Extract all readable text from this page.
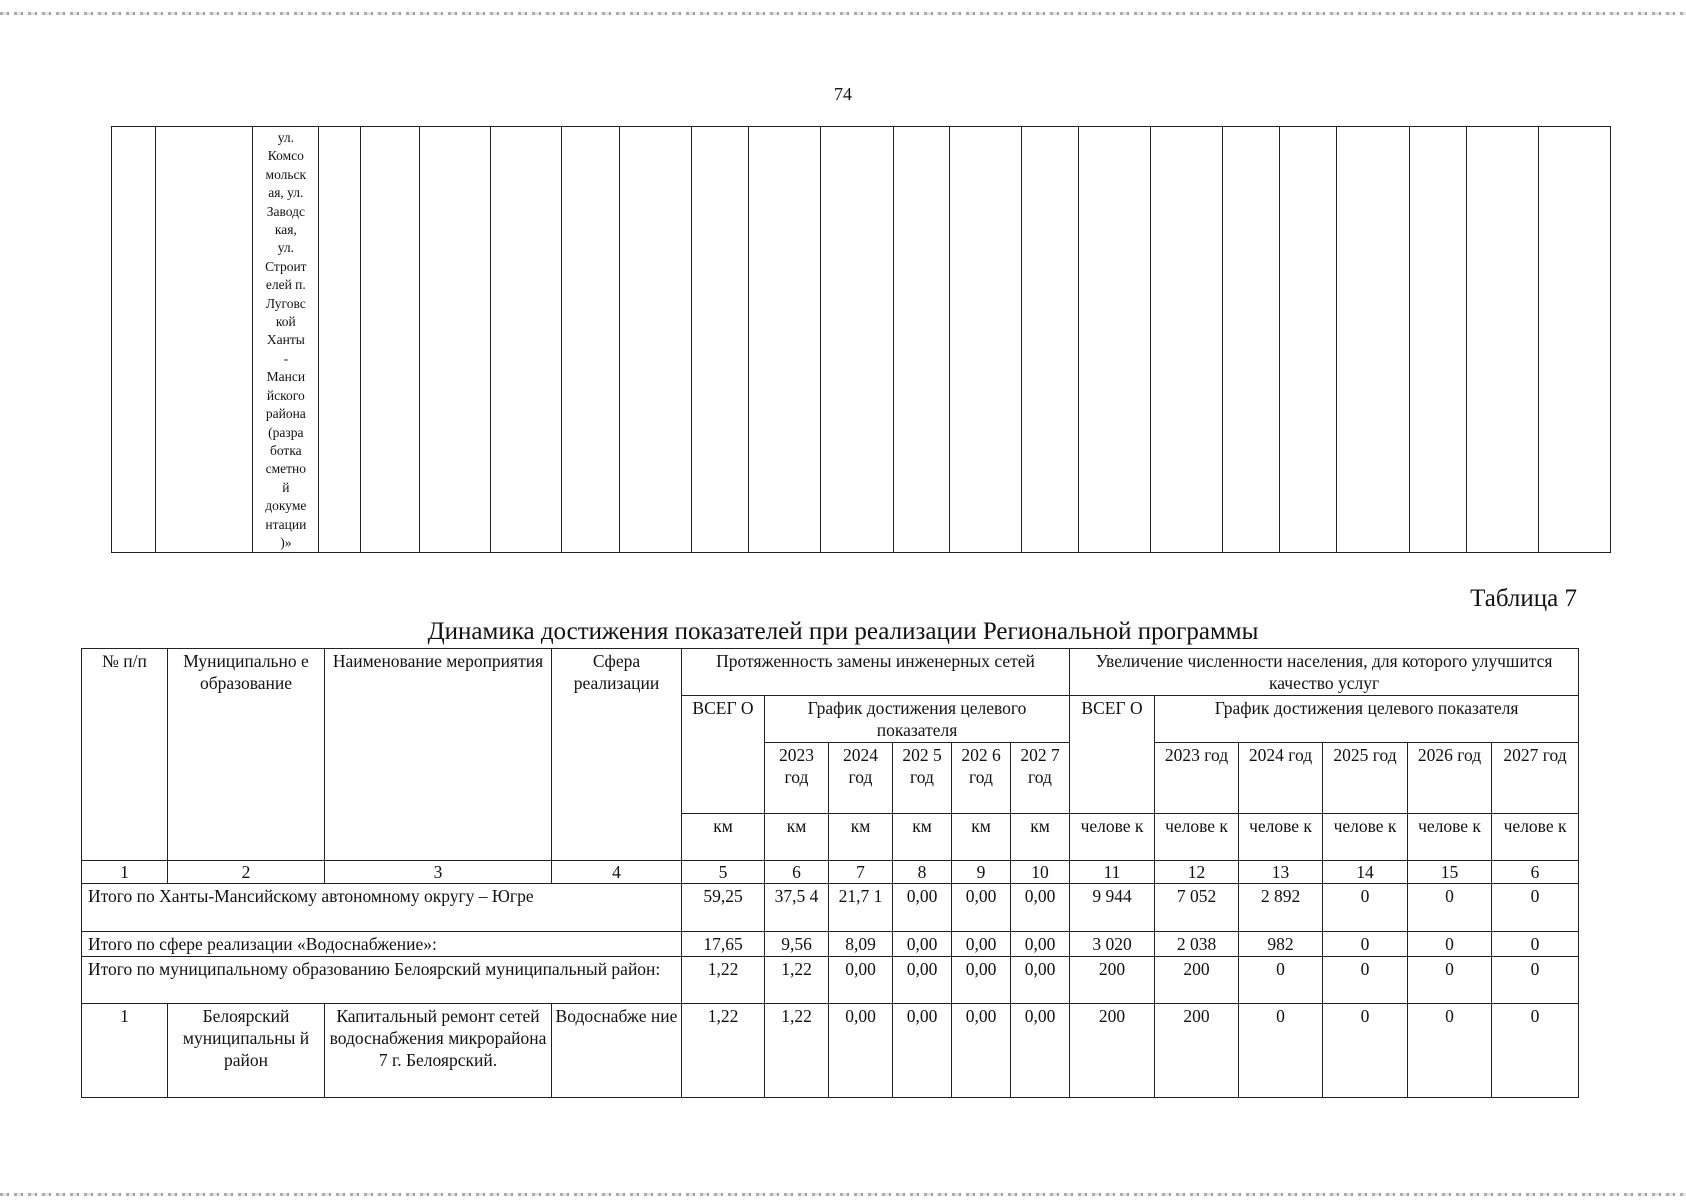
74

ул.
Комсо
мольск
ая, ул.
Заводс
кая,
ул.
Строит
елей п.
Луговс
кой
Ханты
-
Манси
йского
района
(разра
ботка
сметно
й
докуме
нтации
)»

Таблица 7
Динамика достижения показателей при реализации Региональной программы
№ п/п	Муниципально е образование	Наименование мероприятия	Сфера реализации	Протяженность замены инженерных сетей						Увеличение численности населения, для которого улучшится качество услуг					
				ВСЕГ О	График достижения целевого показателя					ВСЕГ О	График достижения целевого показателя				
					2023 год	2024 год	202 5 год	202 6 год	202 7 год		2023 год	2024 год	2025 год	2026 год	2027 год
				км	км	км	км	км	км	челове к	челове к	челове к	челове к	челове к	челове к
1	2	3	4	5	6	7	8	9	10	11	12	13	14	15	6
Итого по Ханты-Мансийскому автономному округу – Югре				59,25	37,5 4	21,7 1	0,00	0,00	0,00	9 944	7 052	2 892	0	0	0
Итого по сфере реализации «Водоснабжение»:				17,65	9,56	8,09	0,00	0,00	0,00	3 020	2 038	982	0	0	0
Итого по муниципальному образованию Белоярский муниципальный район:				1,22	1,22	0,00	0,00	0,00	0,00	200	200	0	0	0	0
1	Белоярский муниципальны й район	Капитальный ремонт сетей водоснабжения микрорайона 7 г. Белоярский.	Водоснабже ние	1,22	1,22	0,00	0,00	0,00	0,00	200	200	0	0	0	0
